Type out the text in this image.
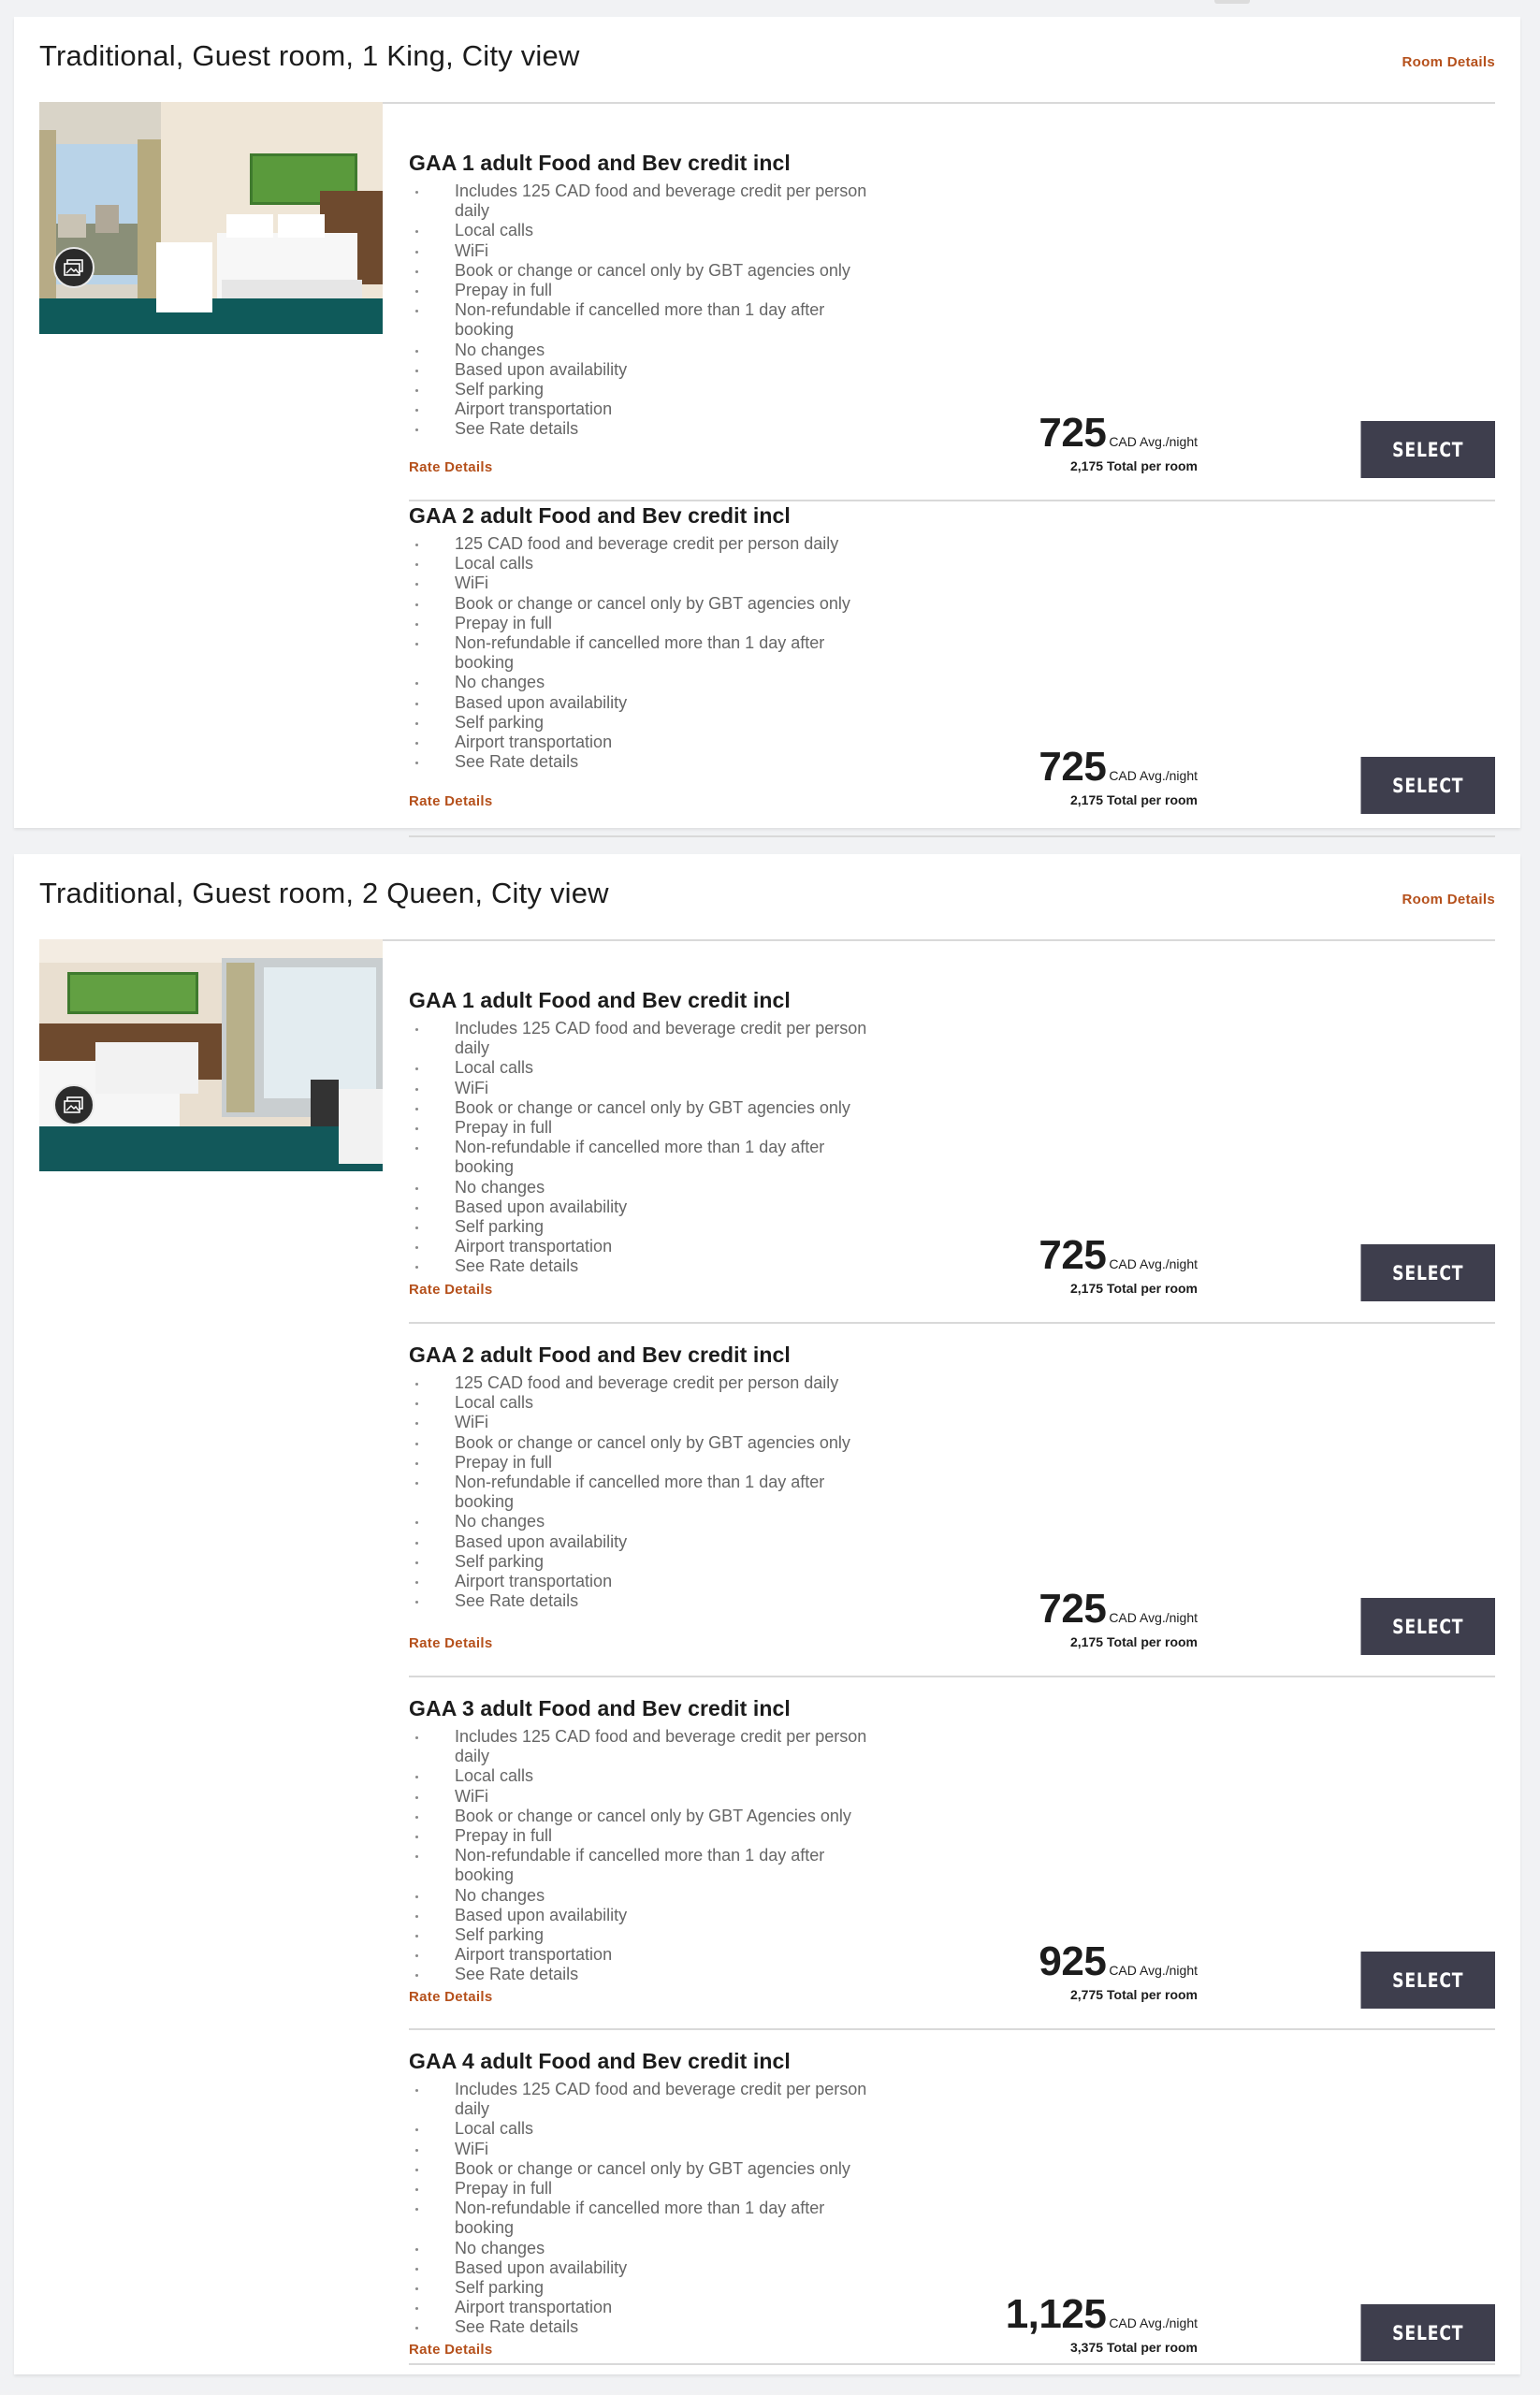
Traditional, Guest room, 1 King, City view	Room Details
GAA 1 adult Food and Bev credit incl
Includes 125 CAD food and beverage credit per person daily
Local calls
WiFi
Book or change or cancel only by GBT agencies only
Prepay in full
Non-refundable if cancelled more than 1 day after booking
No changes
Based upon availability
Self parking
Airport transportation
See Rate details
Rate Details
725 CAD Avg./night
2,175 Total per room
SELECT
GAA 2 adult Food and Bev credit incl
125 CAD food and beverage credit per person daily
Local calls
WiFi
Book or change or cancel only by GBT agencies only
Prepay in full
Non-refundable if cancelled more than 1 day after booking
No changes
Based upon availability
Self parking
Airport transportation
See Rate details
Rate Details
725 CAD Avg./night
2,175 Total per room
SELECT
Traditional, Guest room, 2 Queen, City view	Room Details
GAA 1 adult Food and Bev credit incl
Includes 125 CAD food and beverage credit per person daily
Local calls
WiFi
Book or change or cancel only by GBT agencies only
Prepay in full
Non-refundable if cancelled more than 1 day after booking
No changes
Based upon availability
Self parking
Airport transportation
See Rate details
Rate Details
725 CAD Avg./night
2,175 Total per room
SELECT
GAA 2 adult Food and Bev credit incl
125 CAD food and beverage credit per person daily
Local calls
WiFi
Book or change or cancel only by GBT agencies only
Prepay in full
Non-refundable if cancelled more than 1 day after booking
No changes
Based upon availability
Self parking
Airport transportation
See Rate details
Rate Details
725 CAD Avg./night
2,175 Total per room
SELECT
GAA 3 adult Food and Bev credit incl
Includes 125 CAD food and beverage credit per person daily
Local calls
WiFi
Book or change or cancel only by GBT Agencies only
Prepay in full
Non-refundable if cancelled more than 1 day after booking
No changes
Based upon availability
Self parking
Airport transportation
See Rate details
Rate Details
925 CAD Avg./night
2,775 Total per room
SELECT
GAA 4 adult Food and Bev credit incl
Includes 125 CAD food and beverage credit per person daily
Local calls
WiFi
Book or change or cancel only by GBT agencies only
Prepay in full
Non-refundable if cancelled more than 1 day after booking
No changes
Based upon availability
Self parking
Airport transportation
See Rate details
Rate Details
1,125 CAD Avg./night
3,375 Total per room
SELECT
